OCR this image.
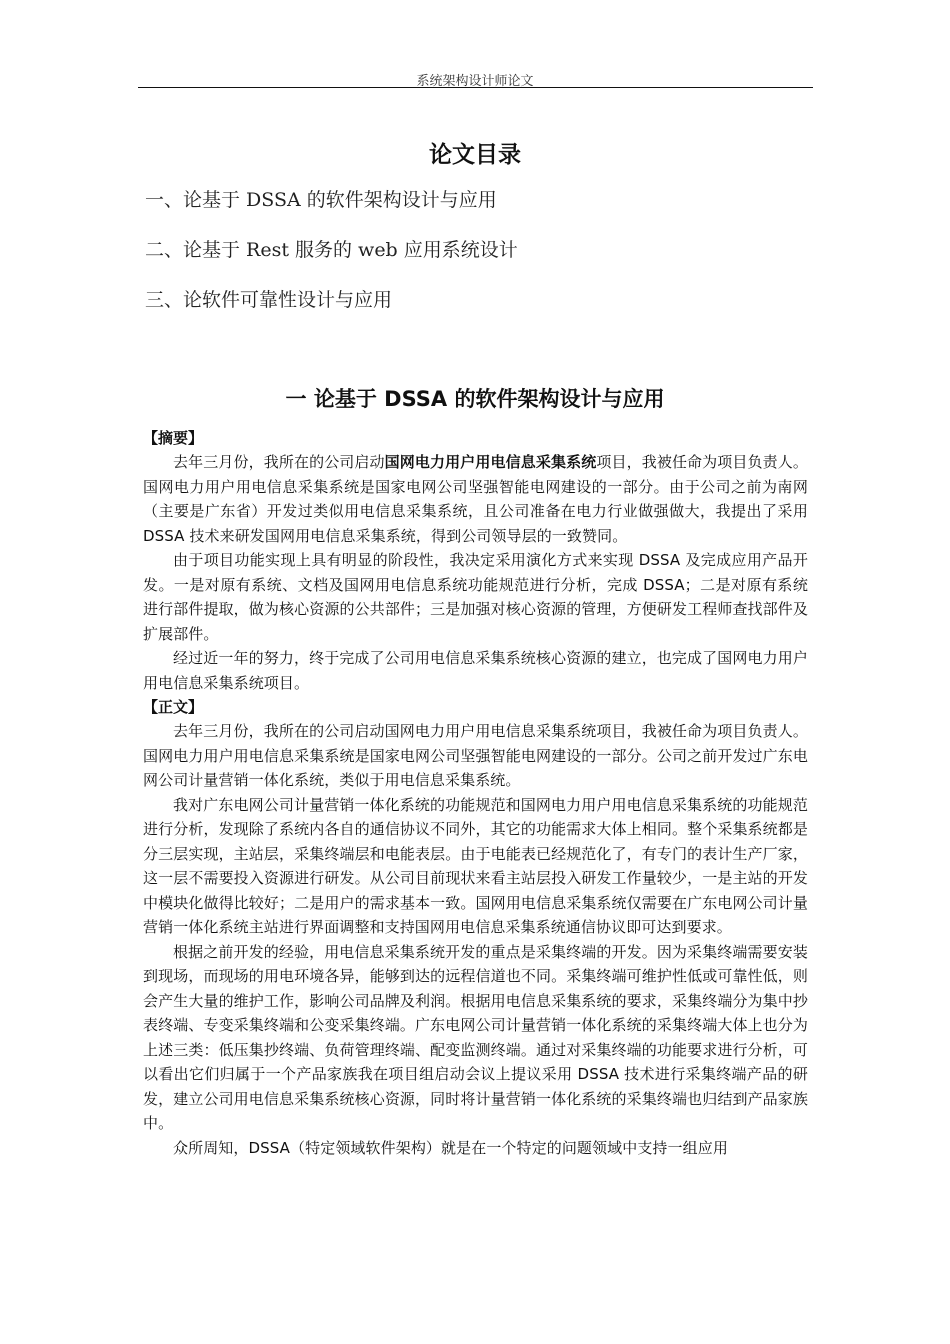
系统架构设计师论文
论文目录
一、论基于 DSSA 的软件架构设计与应用
二、论基于 Rest 服务的 web 应用系统设计
三、论软件可靠性设计与应用
一 论基于 DSSA 的软件架构设计与应用

【摘要】

去年三月份，我所在的公司启动国网电力用户用电信息采集系统项目，我被任命为项目负责人。国网电力用户用电信息采集系统是国家电网公司坚强智能电网建设的一部分。由于公司之前为南网（主要是广东省）开发过类似用电信息采集系统，且公司准备在电力行业做强做大，我提出了采用 DSSA 技术来研发国网用电信息采集系统，得到公司领导层的一致赞同。

由于项目功能实现上具有明显的阶段性，我决定采用演化方式来实现 DSSA 及完成应用产品开发。一是对原有系统、文档及国网用电信息系统功能规范进行分析，完成 DSSA；二是对原有系统进行部件提取，做为核心资源的公共部件；三是加强对核心资源的管理，方便研发工程师查找部件及扩展部件。

经过近一年的努力，终于完成了公司用电信息采集系统核心资源的建立，也完成了国网电力用户用电信息采集系统项目。

【正文】

去年三月份，我所在的公司启动国网电力用户用电信息采集系统项目，我被任命为项目负责人。国网电力用户用电信息采集系统是国家电网公司坚强智能电网建设的一部分。公司之前开发过广东电网公司计量营销一体化系统，类似于用电信息采集系统。

我对广东电网公司计量营销一体化系统的功能规范和国网电力用户用电信息采集系统的功能规范进行分析，发现除了系统内各自的通信协议不同外，其它的功能需求大体上相同。整个采集系统都是分三层实现，主站层，采集终端层和电能表层。由于电能表已经规范化了，有专门的表计生产厂家，这一层不需要投入资源进行研发。从公司目前现状来看主站层投入研发工作量较少，一是主站的开发中模块化做得比较好；二是用户的需求基本一致。国网用电信息采集系统仅需要在广东电网公司计量营销一体化系统主站进行界面调整和支持国网用电信息采集系统通信协议即可达到要求。

根据之前开发的经验，用电信息采集系统开发的重点是采集终端的开发。因为采集终端需要安装到现场，而现场的用电环境各异，能够到达的远程信道也不同。采集终端可维护性低或可靠性低，则会产生大量的维护工作，影响公司品牌及利润。根据用电信息采集系统的要求，采集终端分为集中抄表终端、专变采集终端和公变采集终端。广东电网公司计量营销一体化系统的采集终端大体上也分为上述三类：低压集抄终端、负荷管理终端、配变监测终端。通过对采集终端的功能要求进行分析，可以看出它们归属于一个产品家族我在项目组启动会议上提议采用 DSSA 技术进行采集终端产品的研发，建立公司用电信息采集系统核心资源，同时将计量营销一体化系统的采集终端也归结到产品家族中。

众所周知，DSSA（特定领域软件架构）就是在一个特定的问题领域中支持一组应用
